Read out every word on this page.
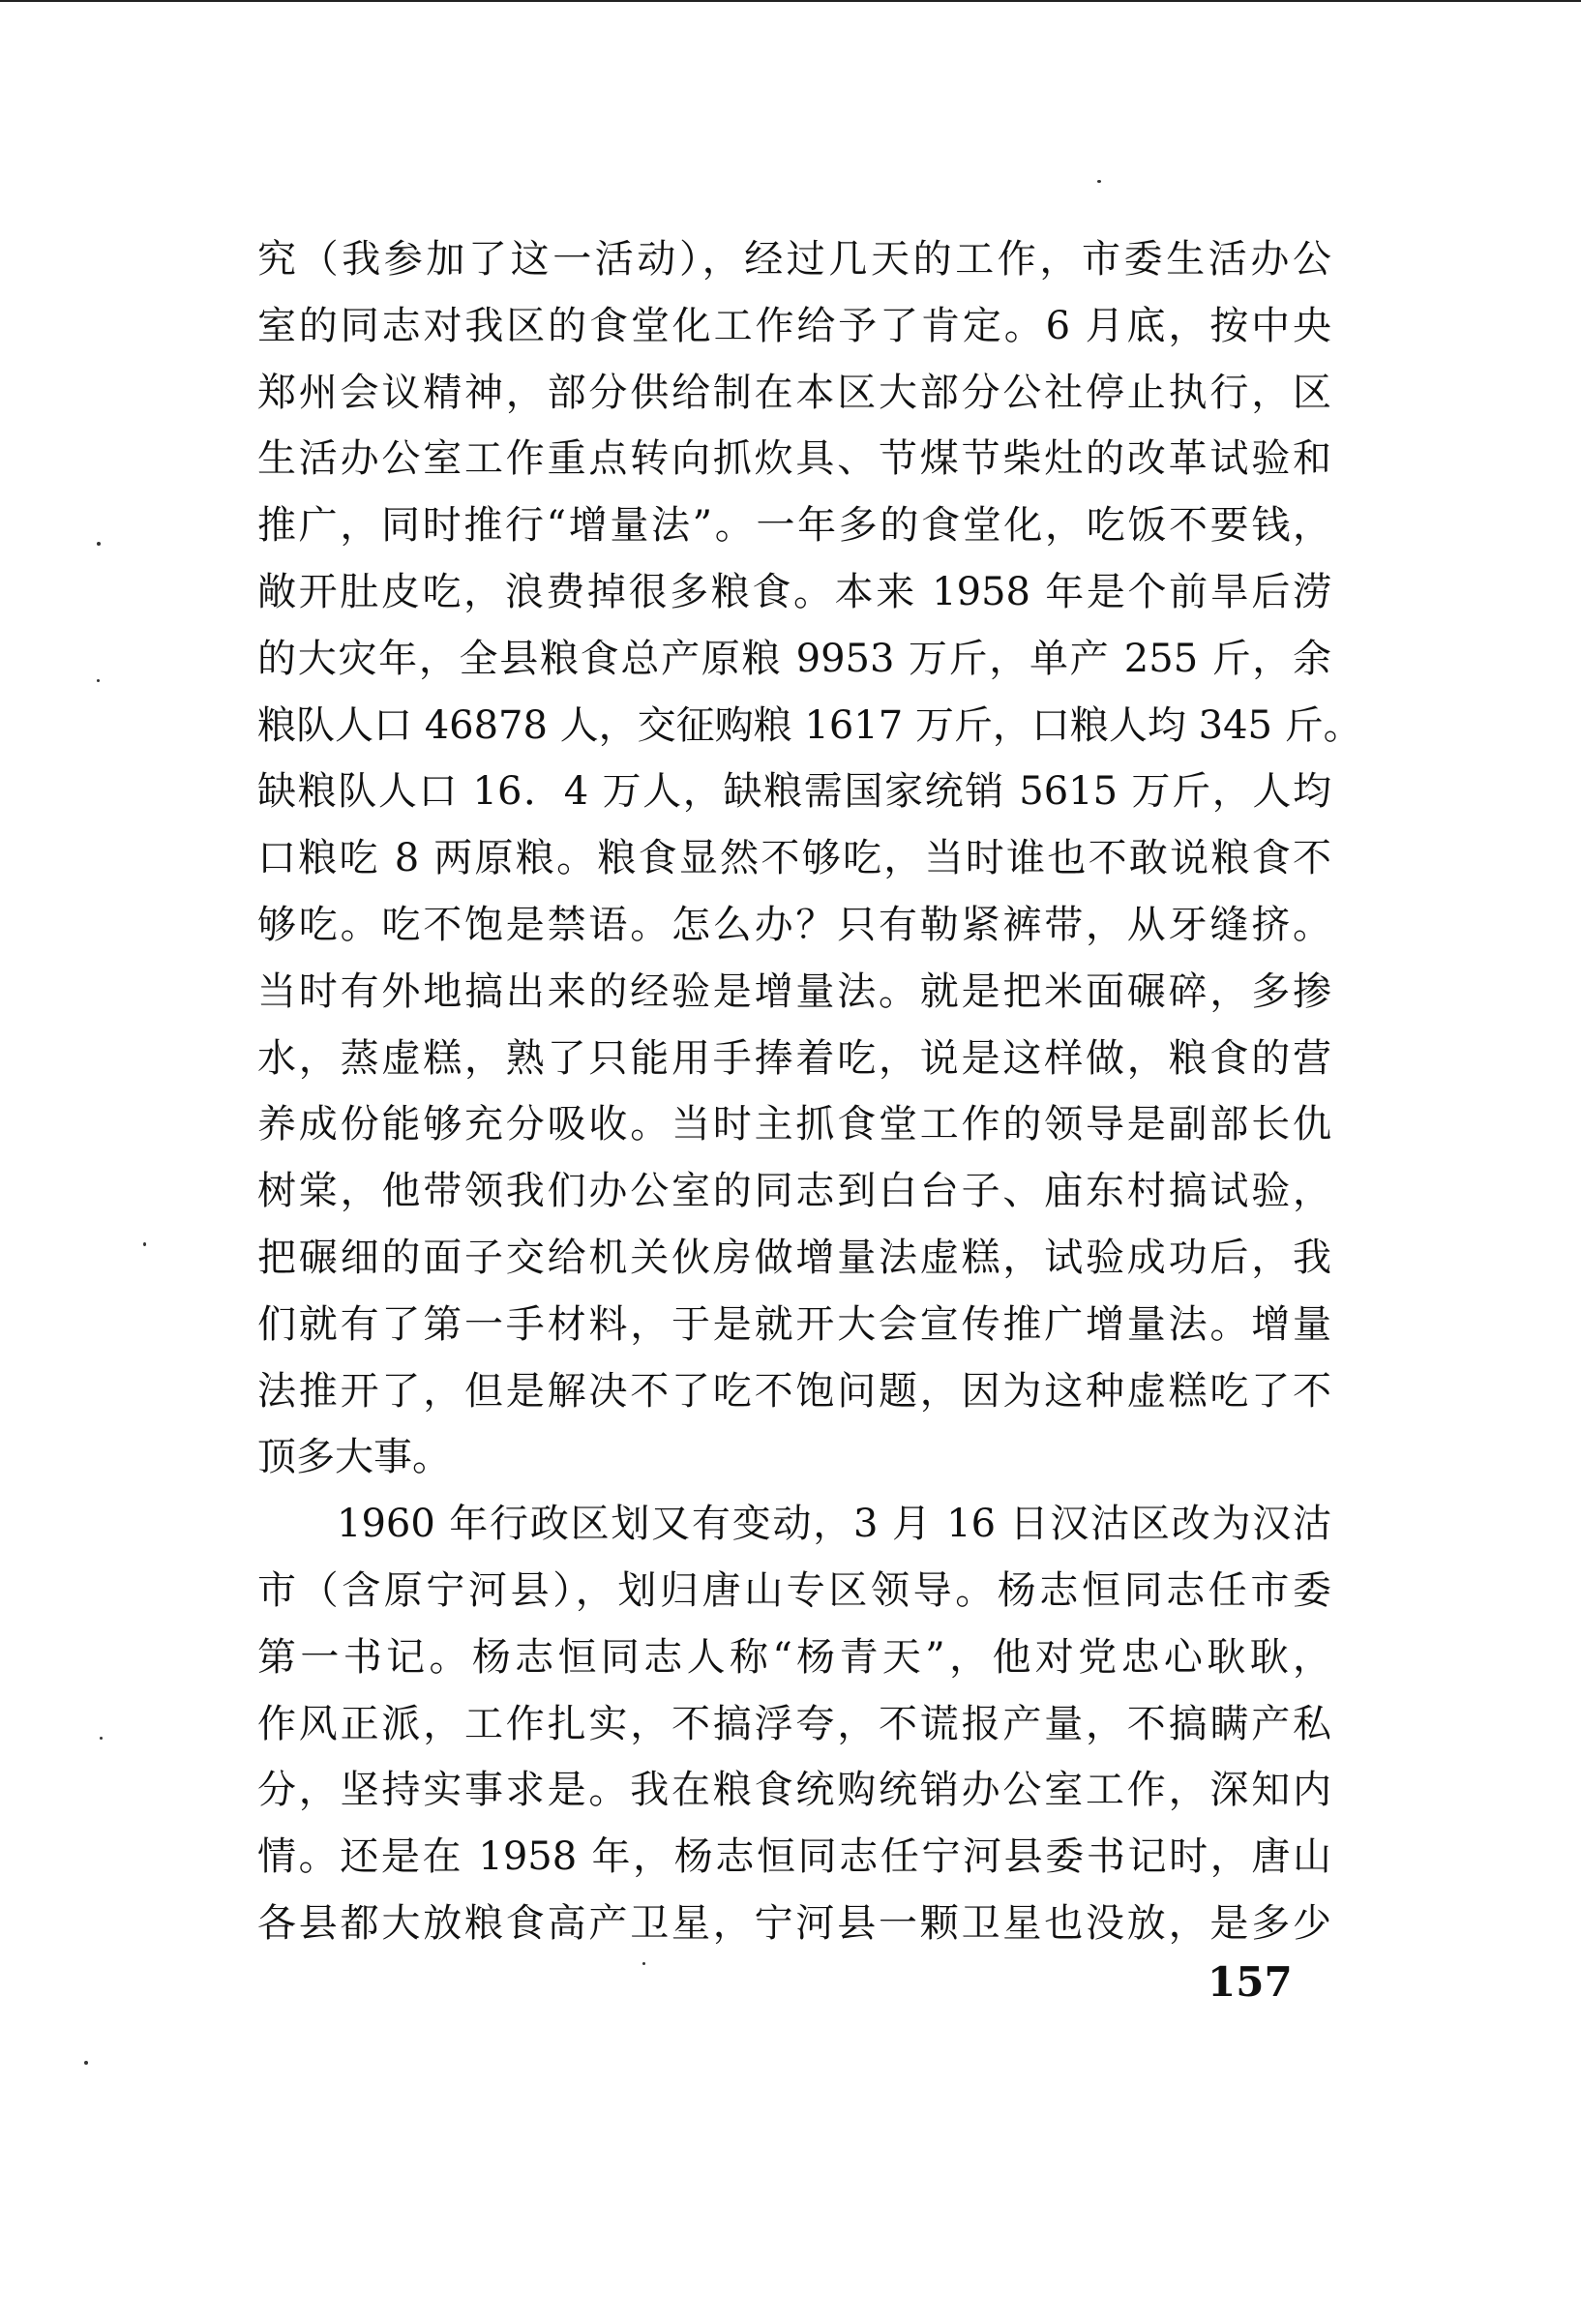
究（我参加了这一活动），经过几天的工作，市委生活办公
室的同志对我区的食堂化工作给予了肯定。6 月底，按中央
郑州会议精神，部分供给制在本区大部分公社停止执行，区
生活办公室工作重点转向抓炊具、节煤节柴灶的改革试验和
推广，同时推行“增量法”。一年多的食堂化，吃饭不要钱，
敞开肚皮吃，浪费掉很多粮食。本来 1958 年是个前旱后涝
的大灾年，全县粮食总产原粮 9953 万斤，单产 255 斤，余
粮队人口 46878 人，交征购粮 1617 万斤，口粮人均 345 斤。
缺粮队人口 16．4 万人，缺粮需国家统销 5615 万斤，人均
口粮吃 8 两原粮。粮食显然不够吃，当时谁也不敢说粮食不
够吃。吃不饱是禁语。怎么办？只有勒紧裤带，从牙缝挤。
当时有外地搞出来的经验是增量法。就是把米面碾碎，多掺
水，蒸虚糕，熟了只能用手捧着吃，说是这样做，粮食的营
养成份能够充分吸收。当时主抓食堂工作的领导是副部长仇
树棠，他带领我们办公室的同志到白台子、庙东村搞试验，
把碾细的面子交给机关伙房做增量法虚糕，试验成功后，我
们就有了第一手材料，于是就开大会宣传推广增量法。增量
法推开了，但是解决不了吃不饱问题，因为这种虚糕吃了不
顶多大事。
1960 年行政区划又有变动，3 月 16 日汉沽区改为汉沽
市（含原宁河县），划归唐山专区领导。杨志恒同志任市委
第一书记。杨志恒同志人称“杨青天”，他对党忠心耿耿，
作风正派，工作扎实，不搞浮夸，不谎报产量，不搞瞒产私
分，坚持实事求是。我在粮食统购统销办公室工作，深知内
情。还是在 1958 年，杨志恒同志任宁河县委书记时，唐山
各县都大放粮食高产卫星，宁河县一颗卫星也没放，是多少
157
